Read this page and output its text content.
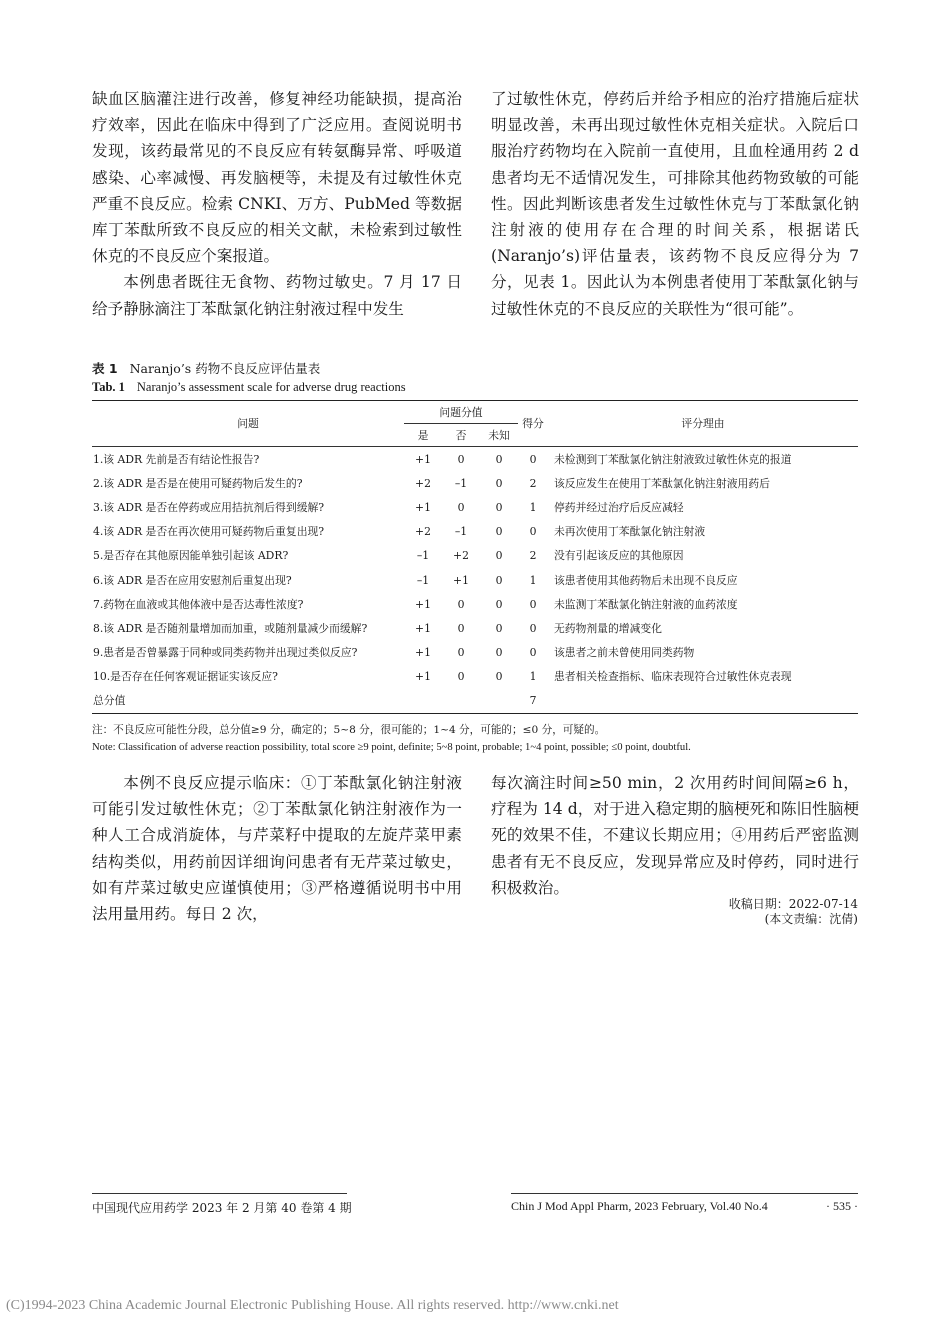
缺血区脑灌注进行改善，修复神经功能缺损，提高治疗效率，因此在临床中得到了广泛应用。查阅说明书发现，该药最常见的不良反应有转氨酶异常、呼吸道感染、心率减慢、再发脑梗等，未提及有过敏性休克严重不良反应。检索 CNKI、万方、PubMed 等数据库丁苯酞所致不良反应的相关文献，未检索到过敏性休克的不良反应个案报道。

本例患者既往无食物、药物过敏史。7 月 17 日给予静脉滴注丁苯酞氯化钠注射液过程中发生

了过敏性休克，停药后并给予相应的治疗措施后症状明显改善，未再出现过敏性休克相关症状。入院后口服治疗药物均在入院前一直使用，且血栓通用药 2 d 患者均无不适情况发生，可排除其他药物致敏的可能性。因此判断该患者发生过敏性休克与丁苯酞氯化钠注射液的使用存在合理的时间关系，根据诺氏(Naranjo’s)评估量表，该药物不良反应得分为 7 分，见表 1。因此认为本例患者使用丁苯酞氯化钠与过敏性休克的不良反应的关联性为“很可能”。

表 1 Naranjo’s 药物不良反应评估量表
Tab. 1 Naranjo’s assessment scale for adverse drug reactions
问题	问题分值			得分	评分理由
	是	否	未知		
1.该 ADR 先前是否有结论性报告?	+1	0	0	0	未检测到丁苯酞氯化钠注射液致过敏性休克的报道
2.该 ADR 是否是在使用可疑药物后发生的?	+2	–1	0	2	该反应发生在使用丁苯酞氯化钠注射液用药后
3.该 ADR 是否在停药或应用拮抗剂后得到缓解?	+1	0	0	1	停药并经过治疗后反应减轻
4.该 ADR 是否在再次使用可疑药物后重复出现?	+2	–1	0	0	未再次使用丁苯酞氯化钠注射液
5.是否存在其他原因能单独引起该 ADR?	–1	+2	0	2	没有引起该反应的其他原因
6.该 ADR 是否在应用安慰剂后重复出现?	–1	+1	0	1	该患者使用其他药物后未出现不良反应
7.药物在血液或其他体液中是否达毒性浓度?	+1	0	0	0	未监测丁苯酞氯化钠注射液的血药浓度
8.该 ADR 是否随剂量增加而加重，或随剂量减少而缓解?	+1	0	0	0	无药物剂量的增减变化
9.患者是否曾暴露于同种或同类药物并出现过类似反应?	+1	0	0	0	该患者之前未曾使用同类药物
10.是否存在任何客观证据证实该反应?	+1	0	0	1	患者相关检查指标、临床表现符合过敏性休克表现
总分值				7	
注：不良反应可能性分段，总分值≥9 分，确定的；5~8 分，很可能的；1~4 分，可能的；≤0 分，可疑的。
Note: Classification of adverse reaction possibility, total score ≥9 point, definite; 5~8 point, probable; 1~4 point, possible; ≤0 point, doubtful.

本例不良反应提示临床：①丁苯酞氯化钠注射液可能引发过敏性休克；②丁苯酞氯化钠注射液作为一种人工合成消旋体，与芹菜籽中提取的左旋芹菜甲素结构类似，用药前因详细询问患者有无芹菜过敏史，如有芹菜过敏史应谨慎使用；③严格遵循说明书中用法用量用药。每日 2 次，

每次滴注时间≥50 min，2 次用药时间间隔≥6 h，疗程为 14 d，对于进入稳定期的脑梗死和陈旧性脑梗死的效果不佳，不建议长期应用；④用药后严密监测患者有无不良反应，发现异常应及时停药，同时进行积极救治。

收稿日期：2022-07-14
(本文责编：沈倩)
中国现代应用药学 2023 年 2 月第 40 卷第 4 期	Chin J Mod Appl Pharm, 2023 February, Vol.40 No.4	· 535 ·
(C)1994-2023 China Academic Journal Electronic Publishing House. All rights reserved. http://www.cnki.net
